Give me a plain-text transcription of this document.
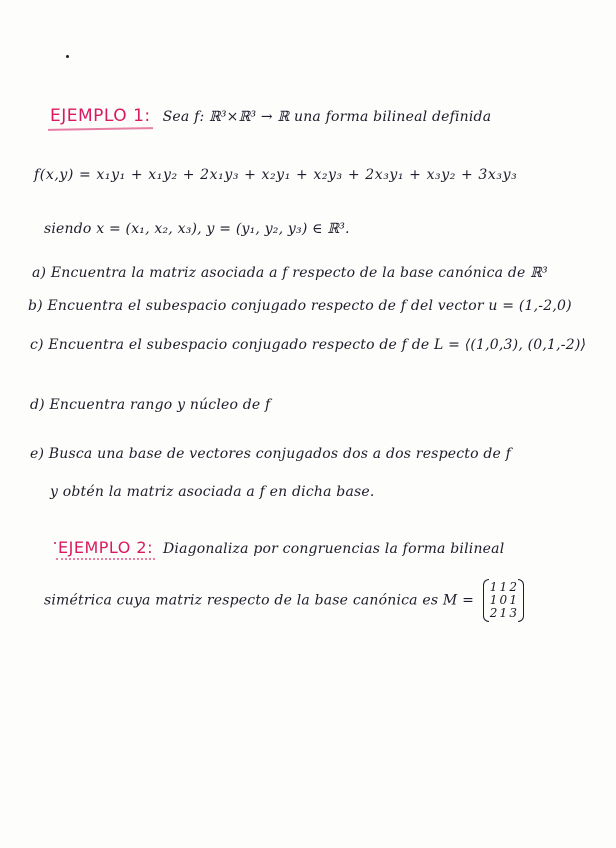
EJEMPLO 1: Sea f: ℝ³×ℝ³ → ℝ una forma bilineal definida
f(x,y) = x₁y₁ + x₁y₂ + 2x₁y₃ + x₂y₁ + x₂y₃ + 2x₃y₁ + x₃y₂ + 3x₃y₃
siendo x = (x₁, x₂, x₃), y = (y₁, y₂, y₃) ∈ ℝ³.
a) Encuentra la matriz asociada a f respecto de la base canónica de ℝ³
b) Encuentra el subespacio conjugado respecto de f del vector u = (1,-2,0)
c) Encuentra el subespacio conjugado respecto de f de L = ⟨(1,0,3), (0,1,-2)⟩
d) Encuentra rango y núcleo de f
e) Busca una base de vectores conjugados dos a dos respecto de f
y obtén la matriz asociada a f en dicha base.
EJEMPLO 2: Diagonaliza por congruencias la forma bilineal
simétrica cuya matriz respecto de la base canónica es M =
1	1	2
1	0	1
2	1	3
